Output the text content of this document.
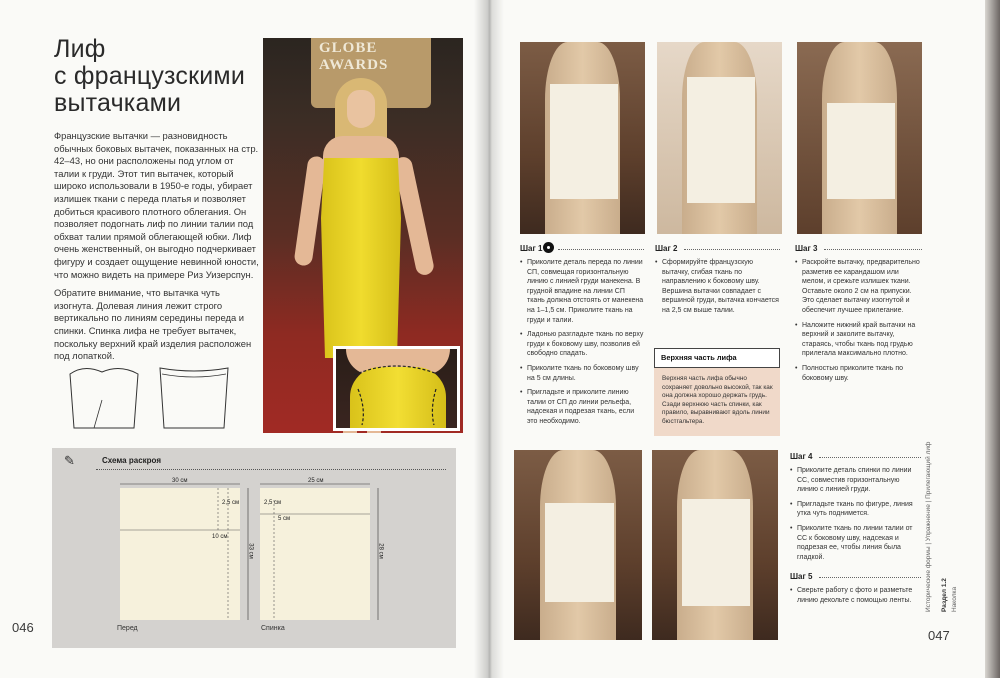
Лиф
с французскими
вытачками

Французские вытачки — разновидность обычных боковых вытачек, показанных на стр. 42–43, но они расположены под углом от талии к груди. Этот тип вытачек, который широко использовали в 1950-е годы, убирает излишек ткани с переда платья и позволяет добиться красивого плотного облегания. Он позволяет подогнать лиф по линии талии под обхват талии прямой облегающей юбки. Лиф очень женственный, он выгодно подчеркивает фигуру и создает ощущение невинной юности, что можно видеть на примере Риз Уизерспун.

Обратите внимание, что вытачка чуть изогнута. Долевая линия лежит строго вертикально по линиям середины переда и спинки. Спинка лифа не требует вытачек, поскольку верхний край изделия расположен под лопаткой.

✎	Схема раскроя
30 см
2,5 см
10 см
33 см
25 см
2,5 см
5 см
28 см
Перед	Спинка
046
GLOBE
AWARDS
Шаг 1
• Приколите деталь переда по линии СП, совмещая горизонтальную линию с линией груди манекена. В грудной впадине на линии СП ткань должна отстоять от манекена на 1–1,5 см. Приколите ткань на груди и талии.
• Ладонью разгладьте ткань по верху груди к боковому шву, позволив ей свободно спадать.
• Приколите ткань по боковому шву на 5 см длины.
• Пригладьте и приколите линию талии от СП до линии рельефа, надсекая и подрезая ткань, если это необходимо.
Шаг 2
• Сформируйте французскую вытачку, сгибая ткань по направлению к боковому шву. Вершина вытачки совпадает с вершиной груди, вытачка кончается на 2,5 см выше талии.
Верхняя часть лифа
Верхняя часть лифа обычно сохраняет довольно высокой, так как она должна хорошо держать грудь. Сзади верхнюю часть спинки, как правило, выравнивают вдоль линии бюстгальтера.
Шаг 3
• Раскройте вытачку, предварительно разметив ее карандашом или мелом, и срежьте излишек ткани. Оставьте около 2 см на припуски. Это сделает вытачку изогнутой и обеспечит лучшее прилегание.
• Наложите нижний край вытачки на верхний и заколите вытачку, стараясь, чтобы ткань под грудью прилегала максимально плотно.
• Полностью приколите ткань по боковому шву.
Шаг 4
• Приколите деталь спинки по линии СС, совместив горизонтальную линию с линией груди.
• Пригладьте ткань по фигуре, линия утка чуть поднимется.
• Приколите ткань по линии талии от СС к боковому шву, надсекая и подрезая ее, чтобы линия была гладкой.
Шаг 5
• Сверьте работу с фото и разметьте линию декольте с помощью ленты.	Раздел 1.2 Наколка
Исторические формы | Упражнение | Прилегающий лиф
047
